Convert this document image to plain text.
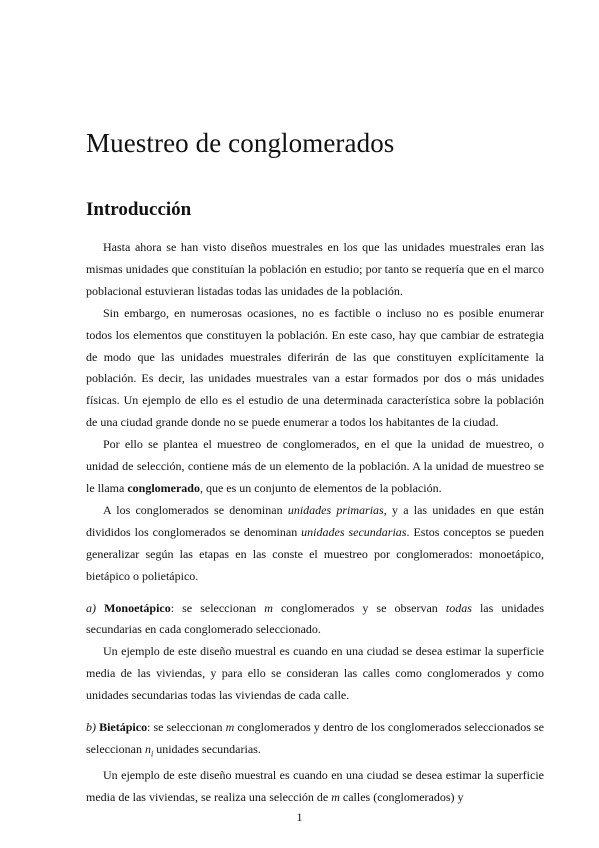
Muestreo de conglomerados
Introducción

Hasta ahora se han visto diseños muestrales en los que las unidades muestrales eran las mismas unidades que constituían la población en estudio; por tanto se requería que en el marco poblacional estuvieran listadas todas las unidades de la población.

Sin embargo, en numerosas ocasiones, no es factible o incluso no es posible enumerar todos los elementos que constituyen la población. En este caso, hay que cambiar de estrategia de modo que las unidades muestrales diferirán de las que constituyen explícitamente la población. Es decir, las unidades muestrales van a estar formados por dos o más unidades físicas. Un ejemplo de ello es el estudio de una determinada característica sobre la población de una ciudad grande donde no se puede enumerar a todos los habitantes de la ciudad.

Por ello se plantea el muestreo de conglomerados, en el que la unidad de muestreo, o unidad de selección, contiene más de un elemento de la población. A la unidad de muestreo se le llama conglomerado, que es un conjunto de elementos de la población.

A los conglomerados se denominan unidades primarias, y a las unidades en que están divididos los conglomerados se denominan unidades secundarias. Estos conceptos se pueden generalizar según las etapas en las conste el muestreo por conglomerados: monoetápico, bietápico o polietápico.

a) Monoetápico: se seleccionan m conglomerados y se observan todas las unidades secundarias en cada conglomerado seleccionado.

Un ejemplo de este diseño muestral es cuando en una ciudad se desea estimar la superficie media de las viviendas, y para ello se consideran las calles como conglomerados y como unidades secundarias todas las viviendas de cada calle.

b) Bietápico: se seleccionan m conglomerados y dentro de los conglomerados seleccionados se seleccionan $n_i$ unidades secundarias.

Un ejemplo de este diseño muestral es cuando en una ciudad se desea estimar la superficie media de las viviendas, se realiza una selección de m calles (conglomerados) y

1
